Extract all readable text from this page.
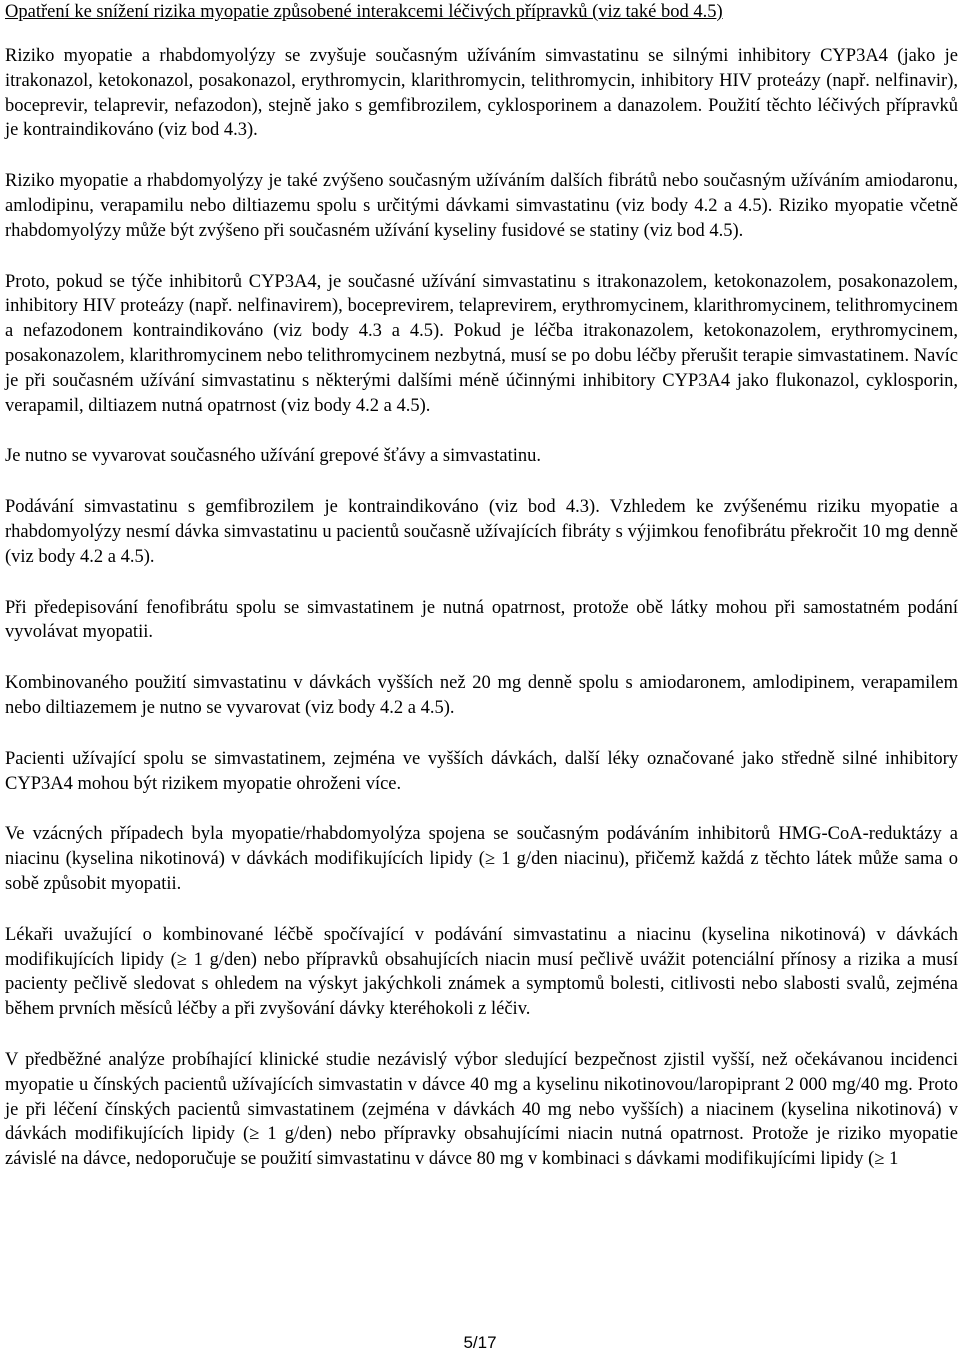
Opatření ke snížení rizika myopatie způsobené interakcemi léčivých přípravků (viz také bod 4.5)

Riziko myopatie a rhabdomyolýzy se zvyšuje současným užíváním simvastatinu se silnými inhibitory CYP3A4 (jako je itrakonazol, ketokonazol, posakonazol, erythromycin, klarithromycin, telithromycin, inhibitory HIV proteázy (např. nelfinavir), boceprevir, telaprevir, nefazodon), stejně jako s gemfibrozilem, cyklosporinem a danazolem. Použití těchto léčivých přípravků je kontraindikováno (viz bod 4.3).

Riziko myopatie a rhabdomyolýzy je také zvýšeno současným užíváním dalších fibrátů nebo současným užíváním amiodaronu, amlodipinu, verapamilu nebo diltiazemu spolu s určitými dávkami simvastatinu (viz body 4.2 a 4.5). Riziko myopatie včetně rhabdomyolýzy může být zvýšeno při současném užívání kyseliny fusidové se statiny (viz bod 4.5).

Proto, pokud se týče inhibitorů CYP3A4, je současné užívání simvastatinu s itrakonazolem, ketokonazolem, posakonazolem, inhibitory HIV proteázy (např. nelfinavirem), boceprevirem, telaprevirem, erythromycinem, klarithromycinem, telithromycinem a nefazodonem kontraindikováno (viz body 4.3 a 4.5). Pokud je léčba itrakonazolem, ketokonazolem, erythromycinem, posakonazolem, klarithromycinem nebo telithromycinem nezbytná, musí se po dobu léčby přerušit terapie simvastatinem. Navíc je při současném užívání simvastatinu s některými dalšími méně účinnými inhibitory CYP3A4 jako flukonazol, cyklosporin, verapamil, diltiazem nutná opatrnost (viz body 4.2 a 4.5).

Je nutno se vyvarovat současného užívání grepové šťávy a simvastatinu.

Podávání simvastatinu s gemfibrozilem je kontraindikováno (viz bod 4.3). Vzhledem ke zvýšenému riziku myopatie a rhabdomyolýzy nesmí dávka simvastatinu u pacientů současně užívajících fibráty s výjimkou fenofibrátu překročit 10 mg denně (viz body 4.2 a 4.5).

Při předepisování fenofibrátu spolu se simvastatinem je nutná opatrnost, protože obě látky mohou při samostatném podání vyvolávat myopatii.

Kombinovaného použití simvastatinu v dávkách vyšších než 20 mg denně spolu s amiodaronem, amlodipinem, verapamilem nebo diltiazemem je nutno se vyvarovat (viz body 4.2 a 4.5).

Pacienti užívající spolu se simvastatinem, zejména ve vyšších dávkách, další léky označované jako středně silné inhibitory CYP3A4 mohou být rizikem myopatie ohroženi více.

Ve vzácných případech byla myopatie/rhabdomyolýza spojena se současným podáváním inhibitorů HMG-CoA-reduktázy a niacinu (kyselina nikotinová) v dávkách modifikujících lipidy (≥ 1 g/den niacinu), přičemž každá z těchto látek může sama o sobě způsobit myopatii.

Lékaři uvažující o kombinované léčbě spočívající v podávání simvastatinu a niacinu (kyselina nikotinová) v dávkách modifikujících lipidy (≥ 1 g/den) nebo přípravků obsahujících niacin musí pečlivě uvážit potenciální přínosy a rizika a musí pacienty pečlivě sledovat s ohledem na výskyt jakýchkoli známek a symptomů bolesti, citlivosti nebo slabosti svalů, zejména během prvních měsíců léčby a při zvyšování dávky kteréhokoli z léčiv.

V předběžné analýze probíhající klinické studie nezávislý výbor sledující bezpečnost zjistil vyšší, než očekávanou incidenci myopatie u čínských pacientů užívajících simvastatin v dávce 40 mg a kyselinu nikotinovou/laropiprant 2 000 mg/40 mg. Proto je při léčení čínských pacientů simvastatinem (zejména v dávkách 40 mg nebo vyšších) a niacinem (kyselina nikotinová) v dávkách modifikujících lipidy (≥ 1 g/den) nebo přípravky obsahujícími niacin nutná opatrnost. Protože je riziko myopatie závislé na dávce, nedoporučuje se použití simvastatinu v dávce 80 mg v kombinaci s dávkami modifikujícími lipidy (≥ 1

5/17
